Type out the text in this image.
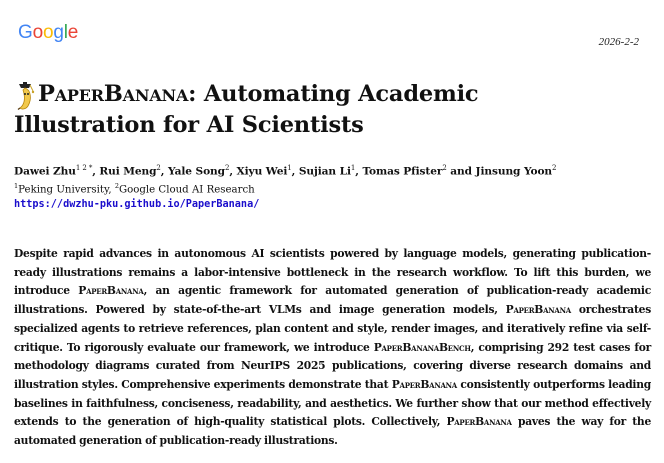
Google	2026-2-2
PaperBanana: Automating Academic
Illustration for AI Scientists
Dawei Zhu$^{1 2 *}$, Rui Meng$^2$, Yale Song$^2$, Xiyu Wei$^1$, Sujian Li$^1$, Tomas Pfister$^2$ and Jinsung Yoon$^2$
$^1$Peking University, $^2$Google Cloud AI Research
https://dwzhu-pku.github.io/PaperBanana/

Despite rapid advances in autonomous AI scientists powered by language models, generating publication-ready illustrations remains a labor-intensive bottleneck in the research workflow. To lift this burden, we introduce PaperBanana, an agentic framework for automated generation of publication-ready academic illustrations. Powered by state-of-the-art VLMs and image generation models, PaperBanana orchestrates specialized agents to retrieve references, plan content and style, render images, and iteratively refine via self-critique. To rigorously evaluate our framework, we introduce PaperBananaBench, comprising 292 test cases for methodology diagrams curated from NeurIPS 2025 publications, covering diverse research domains and illustration styles. Comprehensive experiments demonstrate that PaperBanana consistently outperforms leading baselines in faithfulness, conciseness, readability, and aesthetics. We further show that our method effectively extends to the generation of high-quality statistical plots. Collectively, PaperBanana paves the way for the automated generation of publication-ready illustrations.
